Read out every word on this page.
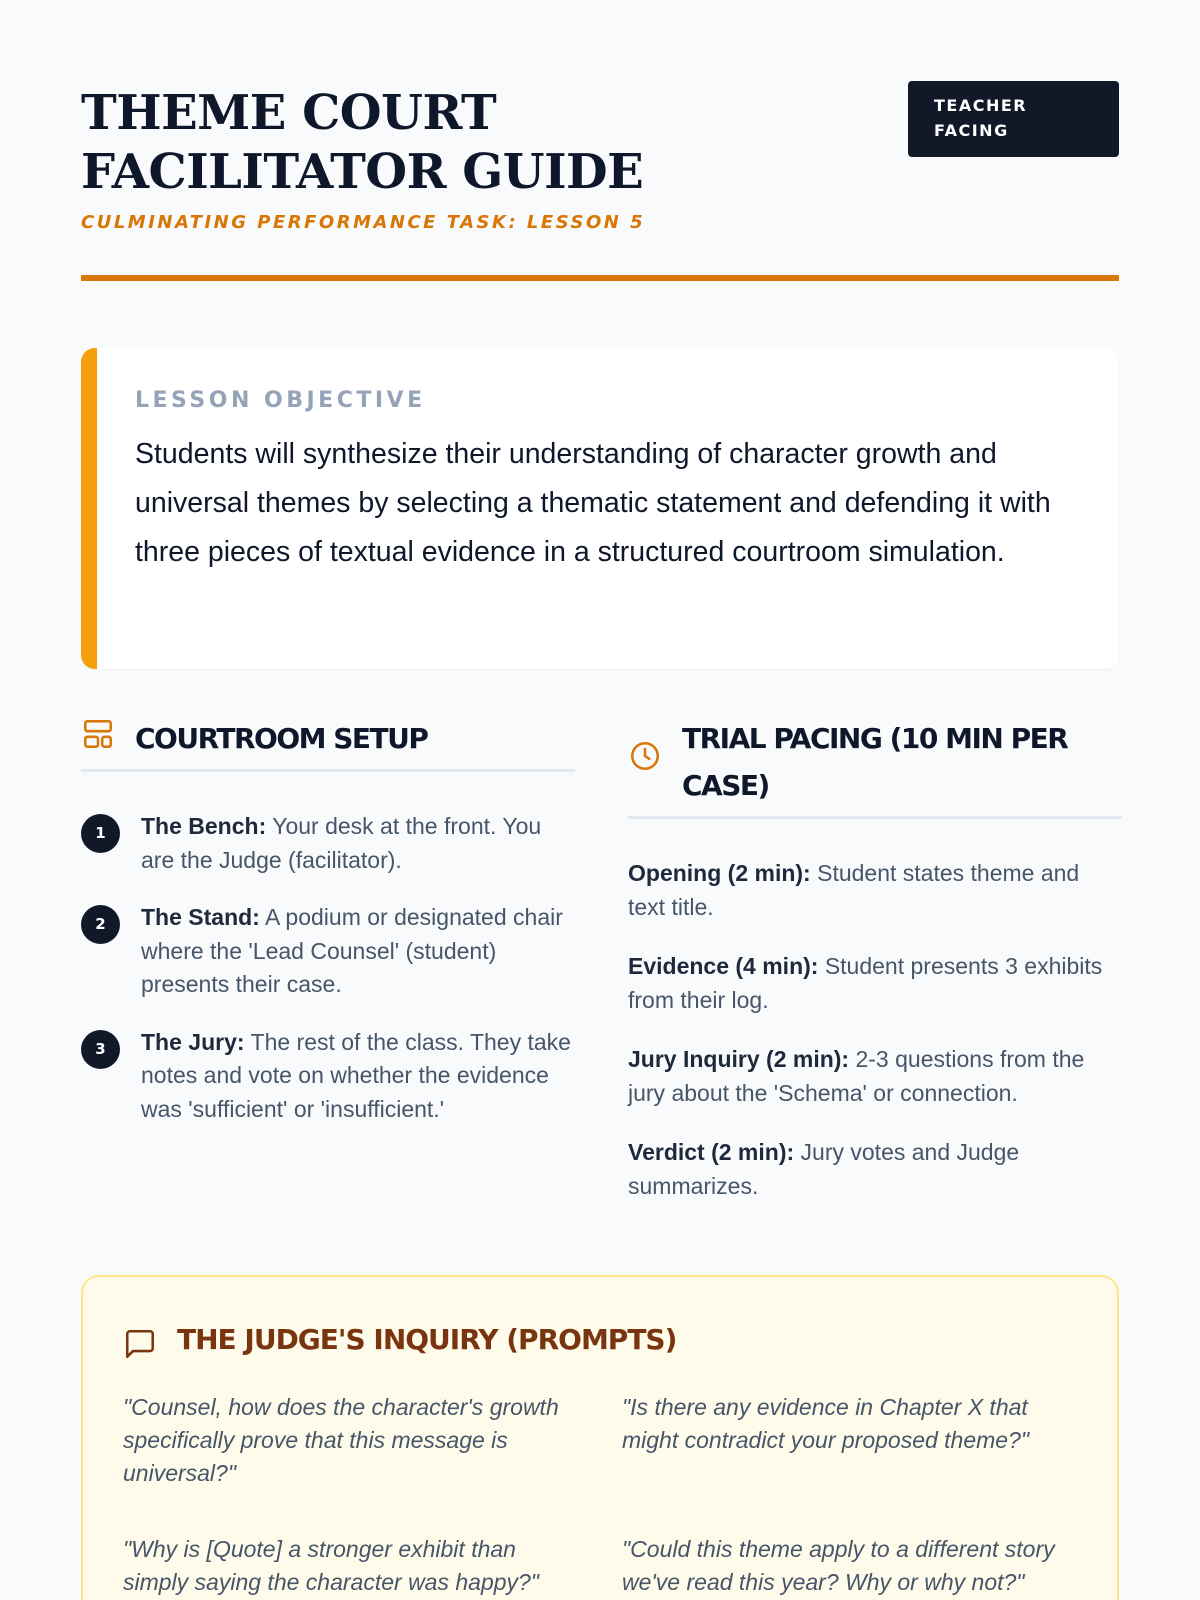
THEME COURT FACILITATOR GUIDE
CULMINATING PERFORMANCE TASK: LESSON 5
TEACHER FACING
LESSON OBJECTIVE

Students will synthesize their understanding of character growth and universal themes by selecting a thematic statement and defending it with three pieces of textual evidence in a structured courtroom simulation.

COURTROOM SETUP
1	The Bench: Your desk at the front. You are the Judge (facilitator).
2	The Stand: A podium or designated chair where the 'Lead Counsel' (student) presents their case.
3	The Jury: The rest of the class. They take notes and vote on whether the evidence was 'sufficient' or 'insufficient.'
TRIAL PACING (10 MIN PER CASE)

Opening (2 min): Student states theme and text title.

Evidence (4 min): Student presents 3 exhibits from their log.

Jury Inquiry (2 min): 2-3 questions from the jury about the 'Schema' or connection.

Verdict (2 min): Jury votes and Judge summarizes.

THE JUDGE'S INQUIRY (PROMPTS)

"Counsel, how does the character's growth specifically prove that this message is universal?"

"Is there any evidence in Chapter X that might contradict your proposed theme?"

"Why is [Quote] a stronger exhibit than simply saying the character was happy?"

"Could this theme apply to a different story we've read this year? Why or why not?"
